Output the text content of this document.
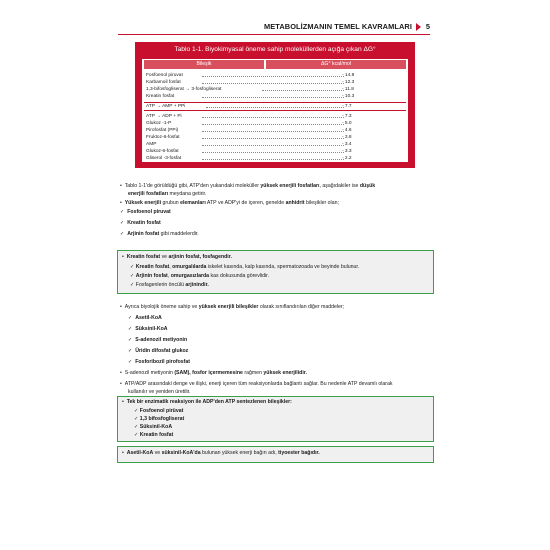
METABOLİZMANIN TEMEL KAVRAMLARI 5
Tablo 1-1. Biyokimyasal öneme sahip moleküllerden açığa çıkan ΔG°
Bileşik	ΔG° kcal/mol
Fosfoenol piruvat	- 14.8
Karbamoil fosfat	- 12.3
1,3-bifosfogliserat → 3-fosfogliserat	- 11.8
Kreatin fosfat	- 10.3
ATP → AMP + PPi	- 7.7
ATP → ADP + Pi	- 7.3
Glukoz -1-P	- 5.0
Pirofosfat (PPi)	- 4.6
Fruktoz-6-fosfat	- 3.8
AMP	- 3.4
Glukoz-6-fosfat	- 3.3
Gliserol -3-fosfat	- 2.2
•  Tablo 1-1'de görüldüğü gibi, ATP'den yukarıdaki moleküller yüksek enerjili fosfatları, aşağıdakiler ise düşük
enerjili fosfatları meydana getirir.
•  Yüksek enerjili grubun elemanları ATP ve ADP'yi de içeren, genelde anhidrit bileşikler olan;
✓  Fosfoenol piruvat
✓  Kreatin fosfat
✓  Arjinin fosfat gibi maddelerdir.
•  Kreatin fosfat ve arjinin fosfat, fosfagendir.
✓ Kreatin fosfat, omurgalılarda iskelet kasında, kalp kasında, spermatozoada ve beyinde bulunur.
✓ Arjinin fosfat, omurgasızlarda kas dokusunda görevlidir.
✓ Fosfagenlerin öncülü arjinindir.
•  Ayrıca biyolojik öneme sahip ve yüksek enerjili bileşikler olarak sınıflandırılan diğer maddeler;
✓  Asetil-KoA
✓  Süksinil-KoA
✓  S-adenozil metiyonin
✓  Üridin difosfat glukoz
✓  Fosforibozil pirofosfat
•  S-adenozil metiyonin (SAM), fosfor içermemesine rağmen yüksek enerjilidir.
•  ATP/ADP arasındaki denge ve ilişki, enerji içeren tüm reaksiyonlarda bağlantı sağlar. Bu nedenle ATP devamlı olarak
kullanılır ve yeniden üretilir.
•  Tek bir enzimatik reaksiyon ile ADP'den ATP sentezlenen bileşikler:
✓ Fosfoenol pirüvat
✓ 1,3 bifosfogliserat
✓ Süksinil-KoA
✓ Kreatin fosfat
•  Asetil-KoA ve süksinil-KoA'da bulunan yüksek enerji bağın adı, tiyoester bağıdır.
